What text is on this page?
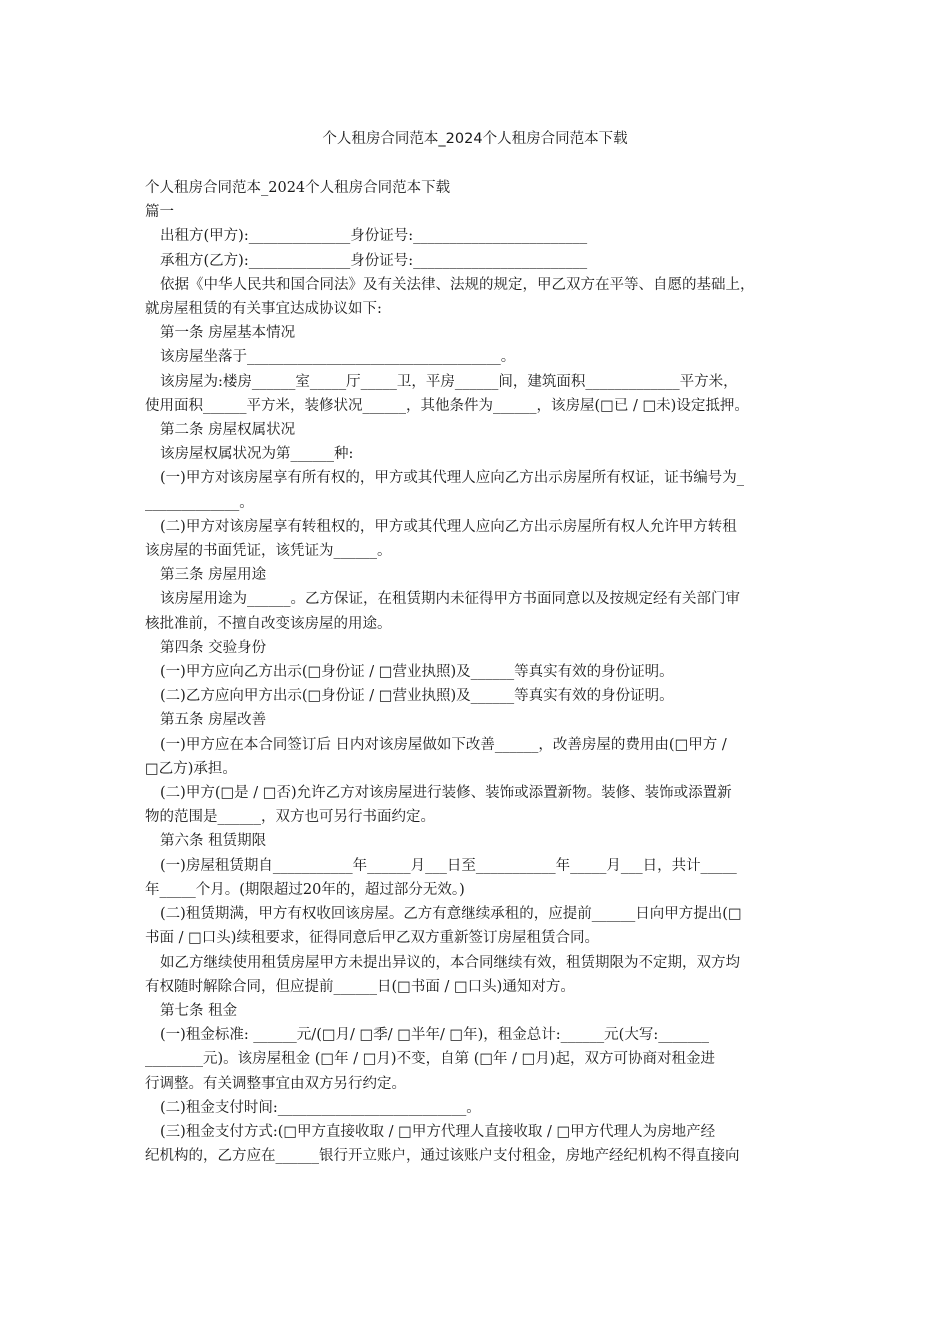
个人租房合同范本_2024个人租房合同范本下载

个人租房合同范本_2024个人租房合同范本下载

篇一

出租方(甲方):______________身份证号:________________________

承租方(乙方):______________身份证号:________________________

依据《中华人民共和国合同法》及有关法律、法规的规定，甲乙双方在平等、自愿的基础上，

就房屋租赁的有关事宜达成协议如下:

第一条 房屋基本情况

该房屋坐落于___________________________________。

该房屋为:楼房______室_____厅_____卫，平房______间，建筑面积_____________平方米，

使用面积______平方米，装修状况______，其他条件为______，该房屋(□已 / □未)设定抵押。

第二条 房屋权属状况

该房屋权属状况为第______种:

(一)甲方对该房屋享有所有权的，甲方或其代理人应向乙方出示房屋所有权证，证书编号为_

_____________。

(二)甲方对该房屋享有转租权的，甲方或其代理人应向乙方出示房屋所有权人允许甲方转租

该房屋的书面凭证，该凭证为______。

第三条 房屋用途

该房屋用途为______。乙方保证，在租赁期内未征得甲方书面同意以及按规定经有关部门审

核批准前，不擅自改变该房屋的用途。

第四条 交验身份

(一)甲方应向乙方出示(□身份证 / □营业执照)及______等真实有效的身份证明。

(二)乙方应向甲方出示(□身份证 / □营业执照)及______等真实有效的身份证明。

第五条 房屋改善

(一)甲方应在本合同签订后 日内对该房屋做如下改善______，改善房屋的费用由(□甲方 /

□乙方)承担。

(二)甲方(□是 / □否)允许乙方对该房屋进行装修、装饰或添置新物。装修、装饰或添置新

物的范围是______，双方也可另行书面约定。

第六条 租赁期限

(一)房屋租赁期自___________年______月___日至___________年_____月___日，共计_____

年_____个月。(期限超过20年的，超过部分无效。)

(二)租赁期满，甲方有权收回该房屋。乙方有意继续承租的，应提前______日向甲方提出(□

书面 / □口头)续租要求，征得同意后甲乙双方重新签订房屋租赁合同。

如乙方继续使用租赁房屋甲方未提出异议的，本合同继续有效，租赁期限为不定期，双方均

有权随时解除合同，但应提前______日(□书面 / □口头)通知对方。

第七条 租金

(一)租金标准: ______元/(□月/ □季/ □半年/ □年)，租金总计:______元(大写:_______

________元)。该房屋租金 (□年 / □月)不变，自第 (□年 / □月)起，双方可协商对租金进

行调整。有关调整事宜由双方另行约定。

(二)租金支付时间:__________________________。

(三)租金支付方式:(□甲方直接收取 / □甲方代理人直接收取 / □甲方代理人为房地产经

纪机构的，乙方应在______银行开立账户，通过该账户支付租金，房地产经纪机构不得直接向
